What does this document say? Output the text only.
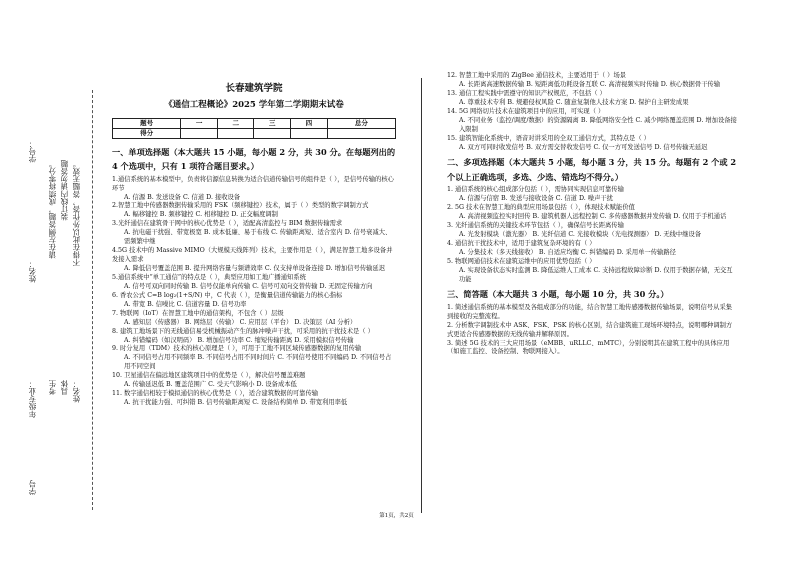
学号：
姓名：
年级专业：
请在左侧答题，成绩将零分。 装订线内请勿答题 不得在此以外作答，答题无效。
考生 具体 姓名：
学号
长春建筑学院
《通信工程概论》2025 学年第二学期期末试卷
题号	一	二	三	四	总分
得分					
一、单项选择题（本大题共 15 小题，每小题 2 分，共 30 分。在每题列出的 4 个选项中，只有 1 项符合题目要求。）

1.通信系统的基本模型中，负责将信源信息转换为适合信道传输信号的组件是（ ），是信号传输的核心环节

A. 信源 B. 发送设备 C. 信道 D. 接收设备

2.智慧工地中传感器数据传输采用的 FSK（频移键控）技术，属于（ ）类型的数字调制方式

A. 幅移键控 B. 频移键控 C. 相移键控 D. 正交幅度调制

3.光纤通信在建筑骨干网中的核心优势是（ ），适配高清监控与 BIM 数据传输需求

A. 抗电磁干扰强、带宽极宽 B. 成本低廉、易于布线 C. 传输距离短、适合室内 D. 信号衰减大、需频繁中继

4.5G 技术中的 Massive MIMO（大规模天线阵列）技术，主要作用是（ ），满足智慧工地多设备并发接入需求

A. 降低信号覆盖范围 B. 提升网络容量与频谱效率 C. 仅支持单设备连接 D. 增加信号传输延迟

5.通信系统中“单工通信”的特点是（ ），典型应用如工地广播通知系统

A. 信号可双向同时传输 B. 信号仅能单向传输 C. 信号可双向交替传输 D. 无固定传输方向

6. 香农公式 C=B log₂(1+S/N) 中，C 代表（ ），是衡量信道传输能力的核心指标

A. 带宽 B. 信噪比 C. 信道容量 D. 信号功率

7. 物联网（IoT）在智慧工地中的通信架构，不包含（ ）层级

A. 感知层（传感器） B. 网络层（传输） C. 应用层（平台） D. 决策层（AI 分析）

8. 建筑工地场景下的无线通信易受机械振动产生的脉冲噪声干扰，可采用的抗干扰技术是（ ）

A. 纠错编码（如汉明码） B. 增加信号功率 C. 缩短传输距离 D. 采用模拟信号传输

9. 时分复用（TDM）技术的核心原理是（ ），可用于工地不同区域传感器数据的复用传输

A. 不同信号占用不同频率 B. 不同信号占用不同时间片 C. 不同信号使用不同编码 D. 不同信号占用不同空间

10. 卫星通信在偏远地区建筑项目中的优势是（ ），解决信号覆盖难题

A. 传输延迟低 B. 覆盖范围广 C. 受天气影响小 D. 设备成本低

11. 数字通信相较于模拟通信的核心优势是（ ），适合建筑数据的可靠传输

A. 抗干扰能力强、可纠错 B. 信号传输距离短 C. 设备结构简单 D. 带宽利用率低

12. 智慧工地中采用的 ZigBee 通信技术，主要适用于（ ）场景

A. 长距离高速数据传输 B. 短距离低功耗设备互联 C. 高清视频实时传输 D. 核心数据骨干传输

13. 通信工程实践中需遵守的知识产权规范，不包括（ ）

A. 尊重技术专利 B. 规避侵权风险 C. 随意复制他人技术方案 D. 保护自主研发成果

14. 5G 网络切片技术在建筑项目中的应用，可实现（ ）

A. 不同业务（监控/调度/数据）的资源隔离 B. 降低网络安全性 C. 减少网络覆盖范围 D. 增加设备接入限制

15. 建筑智能化系统中，语音对讲采用的全双工通信方式，其特点是（ ）

A. 双方可同时收发信号 B. 双方需交替收发信号 C. 仅一方可发送信号 D. 信号传输无延迟

二、多项选择题（本大题共 5 小题，每小题 3 分，共 15 分。每题有 2 个或 2 个以上正确选项，多选、少选、错选均不得分。）

1. 通信系统的核心组成部分包括（ ），需协同实现信息可靠传输

A. 信源与信宿 B. 发送与接收设备 C. 信道 D. 噪声干扰

2. 5G 技术在智慧工地的典型应用场景包括（ ），体现技术赋能价值

A. 高清视频监控实时回传 B. 建筑机器人远程控制 C. 多传感器数据并发传输 D. 仅用于手机通话

3. 光纤通信系统的关键技术环节包括（ ），确保信号长距离传输

A. 光发射模块（激光器） B. 光纤信道 C. 光接收模块（光电探测器） D. 无线中继设备

4. 通信抗干扰技术中，适用于建筑复杂环境的有（ ）

A. 分集技术（多天线接收） B. 自适应均衡 C. 纠错编码 D. 采用单一传输路径

5. 物联网通信技术在建筑运维中的应用优势包括（ ）

A. 实现设备状态实时监测 B. 降低运维人工成本 C. 支持远程故障诊断 D. 仅用于数据存储，无交互功能

三、简答题（本大题共 3 小题，每小题 10 分，共 30 分。）

1. 简述通信系统的基本模型及各组成部分的功能，结合智慧工地传感器数据传输场景，说明信号从采集到接收的完整流程。

2. 分析数字调制技术中 ASK、FSK、PSK 的核心区别，结合建筑施工现场环境特点，说明哪种调制方式更适合传感器数据的无线传输并解释原因。

3. 简述 5G 技术的三大应用场景（eMBB、uRLLC、mMTC），分别说明其在建筑工程中的具体应用（如施工监控、设备控制、物联网接入）。

第1页，共2页
